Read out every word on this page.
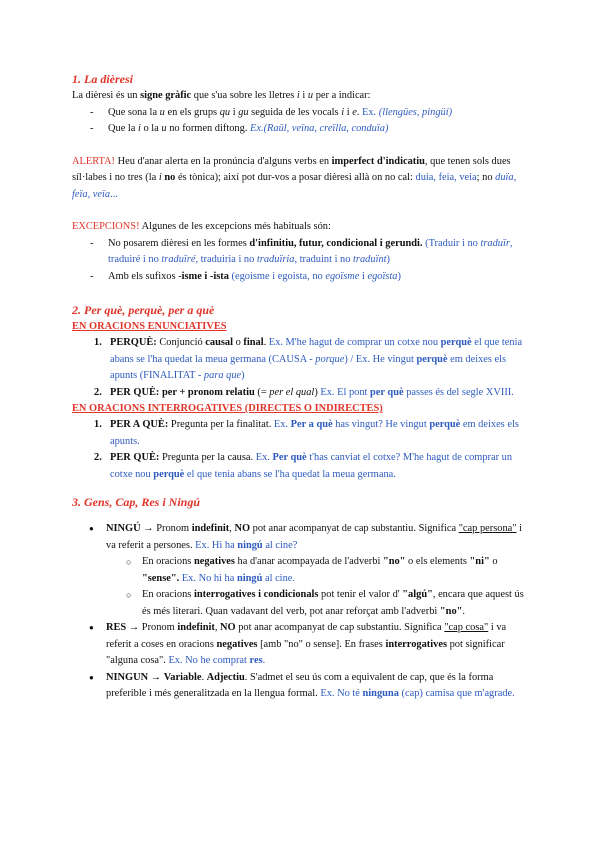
1. La dièresi

La dièresi és un signe gràfic que s'ua sobre les lletres i i u per a indicar:

- Que sona la u en els grups qu i gu seguida de les vocals i i e. Ex. (llengües, pingüí)
- Que la i o la u no formen diftong. Ex.(Raül, veïna, creïlla, conduïa)

ALERTA! Heu d'anar alerta en la pronúncia d'alguns verbs en imperfect d'indicatiu, que tenen sols dues síl·labes i no tres (la i no és tònica); així pot dur-vos a posar dièresi allà on no cal: duia, feia, veia; no duïa, feïa, veïa...

EXCEPCIONS! Algunes de les excepcions més habituals són:

- No posarem dièresi en les formes d'infinitiu, futur, condicional i gerundi. (Traduir i no traduïr, traduiré i no traduïré, traduiria i no traduïria, traduint i no traduïnt)
- Amb els sufixos -isme i -ista (egoisme i egoista, no egoïsme i egoïsta)
2. Per què, perquè, per a què

EN ORACIONS ENUNCIATIVES

1. PERQUÈ: Conjunció causal o final. Ex. M'he hagut de comprar un cotxe nou perquè el que tenia abans se l'ha quedat la meua germana (CAUSA - porque) / Ex. He vingut perquè em deixes els apunts (FINALITAT - para que)
2. PER QUÈ: per + pronom relatiu (= per el qual) Ex. El pont per què passes és del segle XVIII.

EN ORACIONS INTERROGATIVES (DIRECTES O INDIRECTES)

1. PER A QUÈ: Pregunta per la finalitat. Ex. Per a què has vingut? He vingut perquè em deixes els apunts.
2. PER QUÈ: Pregunta per la causa. Ex. Per què t'has canviat el cotxe? M'he hagut de comprar un cotxe nou perquè el que tenia abans se l'ha quedat la meua germana.
3. Gens, Cap, Res i Ningú
● NINGÚ → Pronom indefinit, NO pot anar acompanyat de cap substantiu. Significa "cap persona" i va referit a persones. Ex. Hi ha ningú al cine?
○ En oracions negatives ha d'anar acompayada de l'adverbi "no" o els elements "ni" o "sense". Ex. No hi ha ningú al cine.
○ En oracions interrogatives i condicionals pot tenir el valor d' "algú", encara que aquest ús és més literari. Quan vadavant del verb, pot anar reforçat amb l'adverbi "no".
● RES → Pronom indefinit, NO pot anar acompanyat de cap substantiu. Significa "cap cosa" i va referit a coses en oracions negatives [amb "no" o sense]. En frases interrogatives pot significar "alguna cosa". Ex. No he comprat res.
● NINGUN → Variable. Adjectiu. S'admet el seu ús com a equivalent de cap, que és la forma preferible i més generalitzada en la llengua formal. Ex. No té ninguna (cap) camisa que m'agrade.
